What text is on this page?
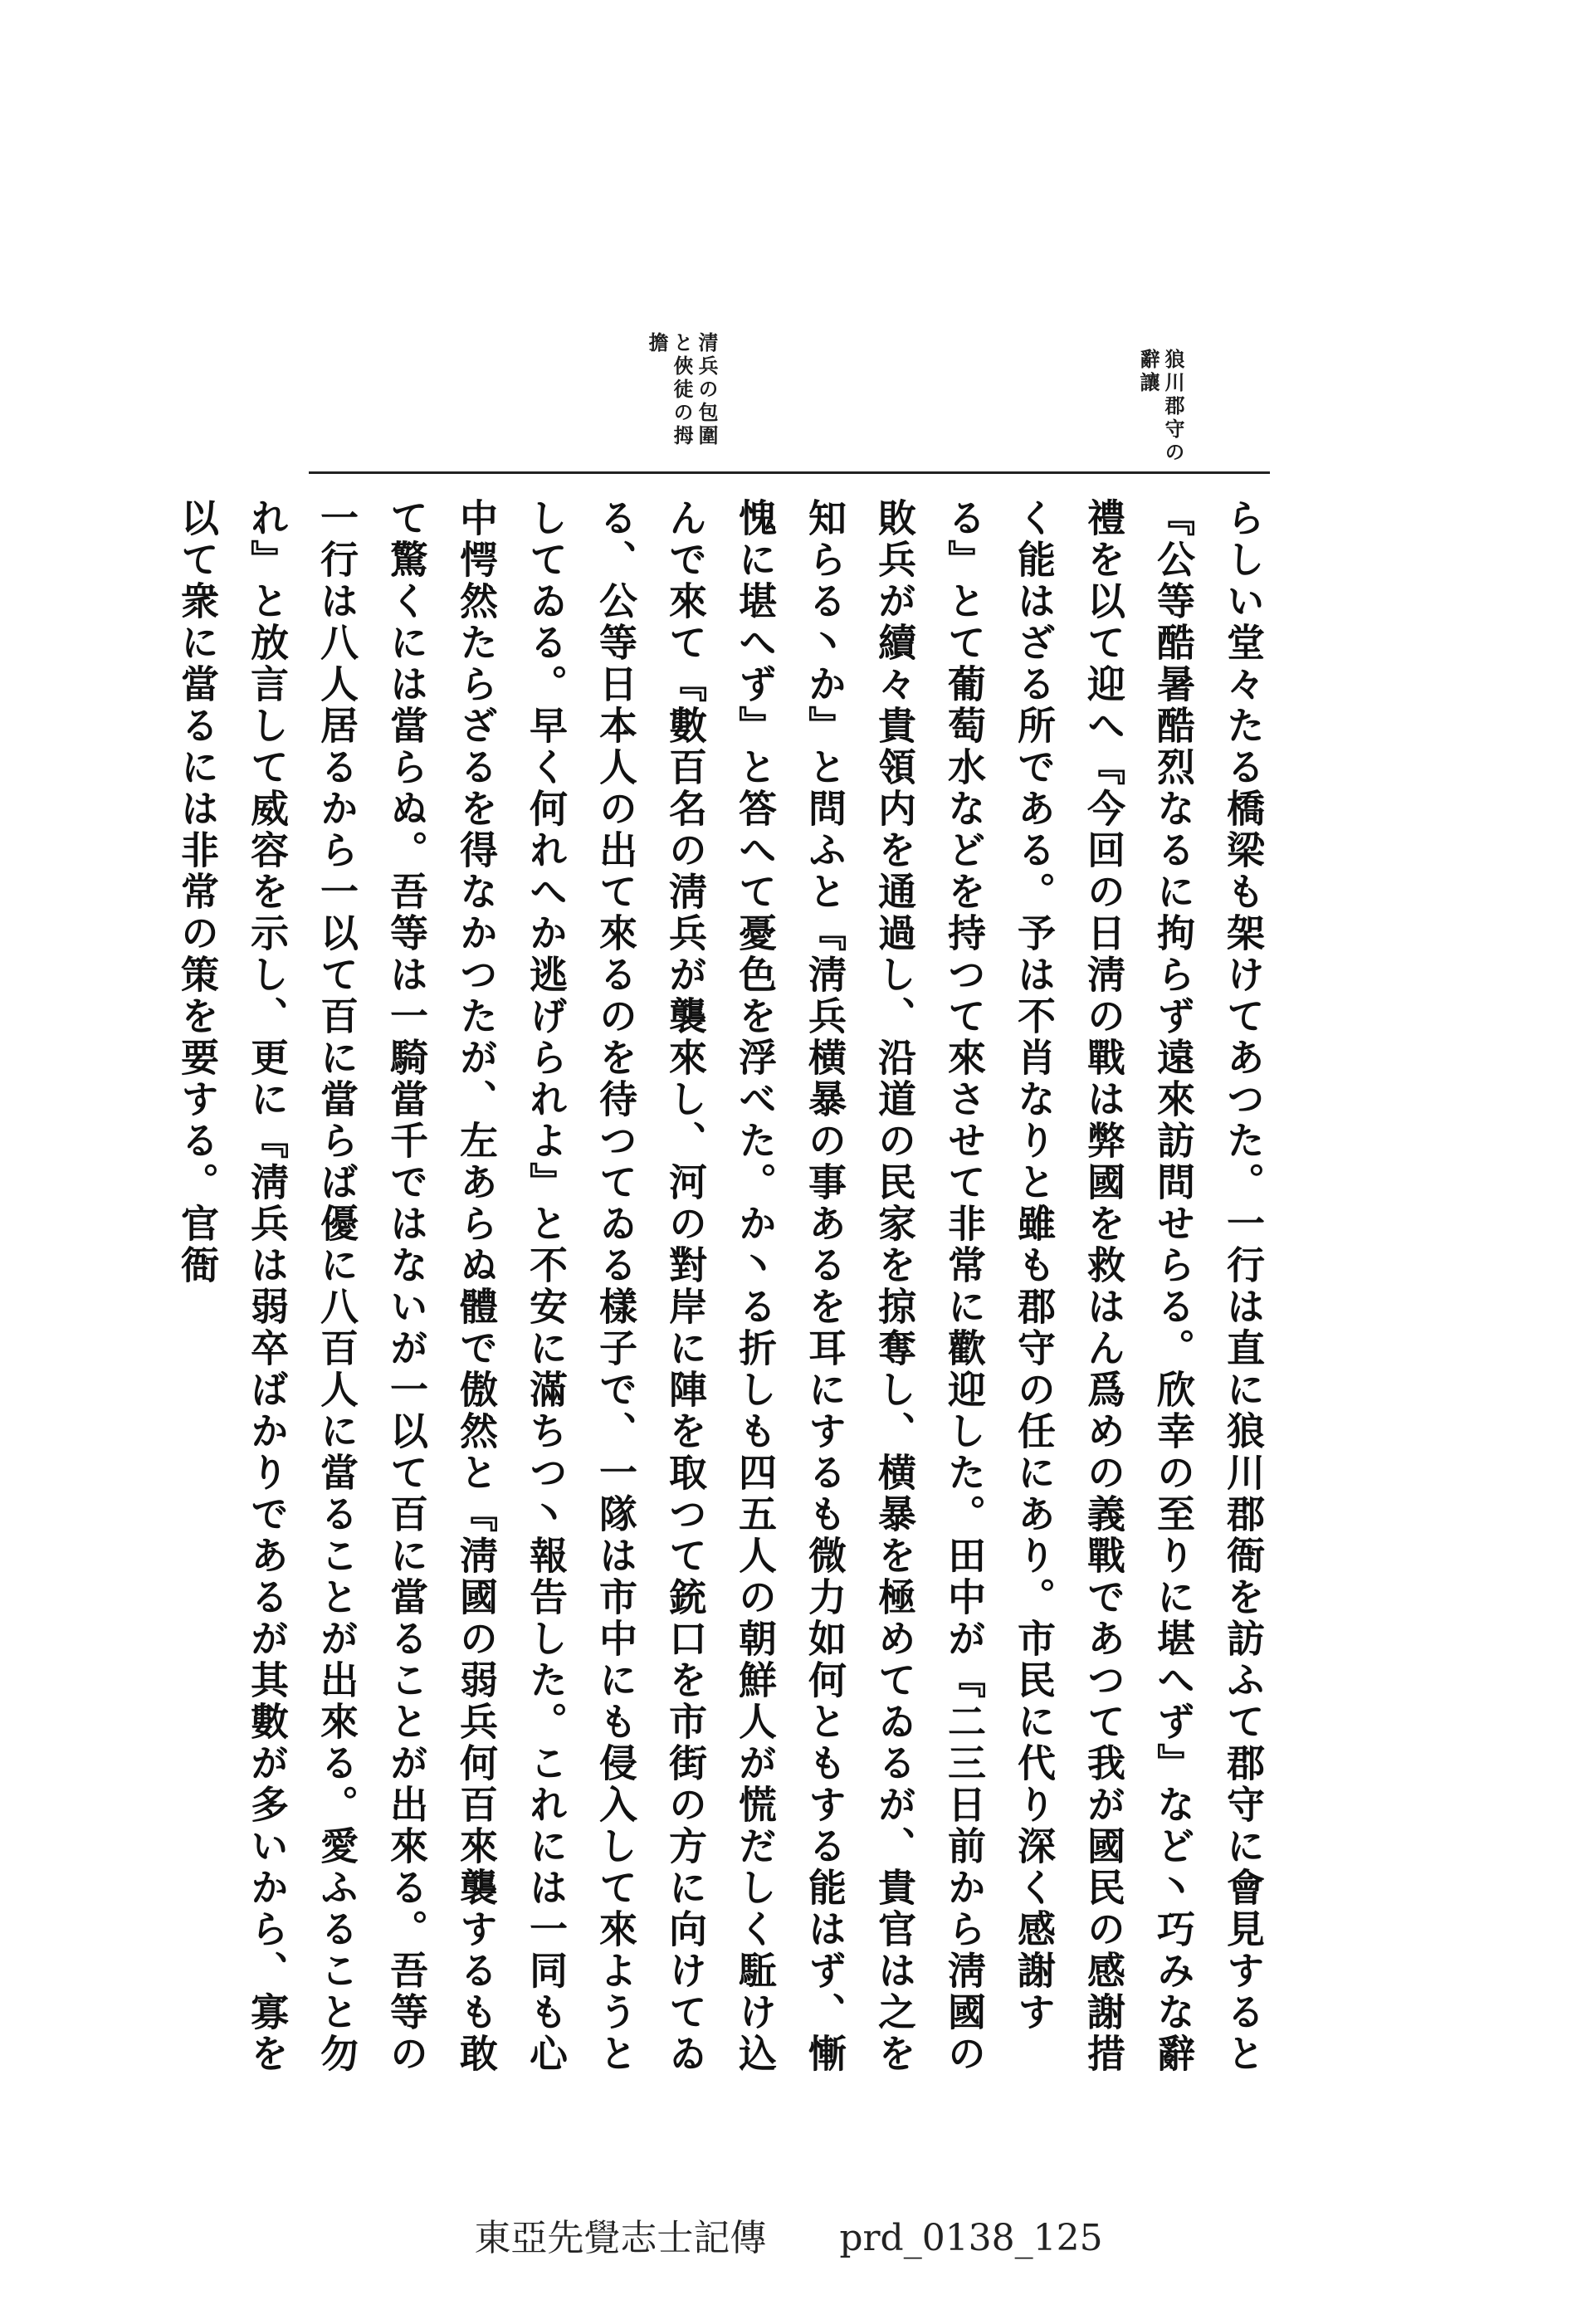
狼川郡守の辭讓
清兵の包圍と俠徒の拇擔

らしい堂々たる橋梁も架けてあつた。一行は直に狼川郡衙を訪ふて郡守に會見すると『公等酷暑酷烈なるに拘らず遠來訪問せらる。欣幸の至りに堪へず』など丶巧みな辭禮を以て迎へ『今回の日淸の戰は弊國を救はん爲めの義戰であつて我が國民の感謝措く能はざる所である。予は不肖なりと雖も郡守の任にあり。市民に代り深く感謝する』とて葡萄水などを持つて來させて非常に歡迎した。田中が『二三日前から淸國の敗兵が續々貴領内を通過し、沿道の民家を掠奪し、横暴を極めてゐるが、貴官は之を知らる丶か』と問ふと『淸兵横暴の事あるを耳にするも微力如何ともする能はず、慚愧に堪へず』と答へて憂色を浮べた。か丶る折しも四五人の朝鮮人が慌だしく駈け込んで來て『數百名の淸兵が襲來し、河の對岸に陣を取つて銃口を市街の方に向けてゐる、公等日本人の出て來るのを待つてゐる樣子で、一隊は市中にも侵入して來ようとしてゐる。早く何れへか逃げられよ』と不安に滿ちつ丶報告した。これには一同も心中愕然たらざるを得なかつたが、左あらぬ體で傲然と『淸國の弱兵何百來襲するも敢て驚くには當らぬ。吾等は一騎當千ではないが一以て百に當ることが出來る。吾等の一行は八人居るから一以て百に當らば優に八百人に當ることが出來る。愛ふること勿れ』と放言して威容を示し、更に『淸兵は弱卒ばかりであるが其數が多いから、寡を以て衆に當るには非常の策を要する。官衙

東亞先覺志士記傳 prd_0138_125
